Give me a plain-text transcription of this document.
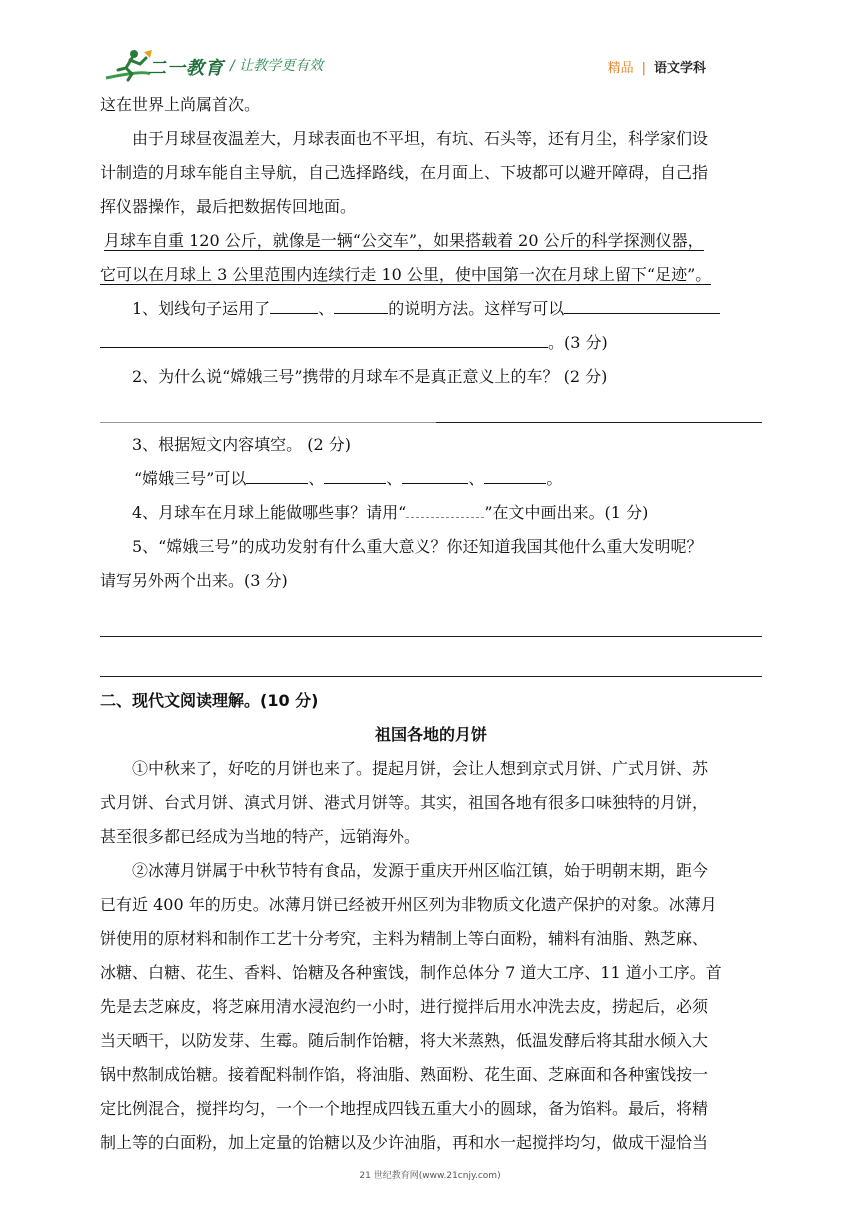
二一教育 / 让教学更有效	精品 | 语文学科
这在世界上尚属首次。
由于月球昼夜温差大，月球表面也不平坦，有坑、石头等，还有月尘，科学家们设
计制造的月球车能自主导航，自己选择路线，在月面上、下坡都可以避开障碍，自己指
挥仪器操作，最后把数据传回地面。
月球车自重 120 公斤，就像是一辆“公交车”，如果搭载着 20 公斤的科学探测仪器，
它可以在月球上 3 公里范围内连续行走 10 公里，使中国第一次在月球上留下“足迹”。
1、划线句子运用了	、	的说明方法。这样写可以
。(3 分)
2、为什么说“嫦娥三号”携带的月球车不是真正意义上的车？ (2 分)
3、根据短文内容填空。 (2 分)
“嫦娥三号”可以	、	、	、	。
4、月球车在月球上能做哪些事？请用“	”在文中画出来。(1 分)
5、“嫦娥三号”的成功发射有什么重大意义？你还知道我国其他什么重大发明呢？
请写另外两个出来。(3 分)
二、现代文阅读理解。(10 分)
祖国各地的月饼
①中秋来了，好吃的月饼也来了。提起月饼，会让人想到京式月饼、广式月饼、苏
式月饼、台式月饼、滇式月饼、港式月饼等。其实，祖国各地有很多口味独特的月饼，
甚至很多都已经成为当地的特产，远销海外。
②冰薄月饼属于中秋节特有食品，发源于重庆开州区临江镇，始于明朝末期，距今
已有近 400 年的历史。冰薄月饼已经被开州区列为非物质文化遗产保护的对象。冰薄月
饼使用的原材料和制作工艺十分考究，主料为精制上等白面粉，辅料有油脂、熟芝麻、
冰糖、白糖、花生、香料、饴糖及各种蜜饯，制作总体分 7 道大工序、11 道小工序。首
先是去芝麻皮，将芝麻用清水浸泡约一小时，进行搅拌后用水冲洗去皮，捞起后，必须
当天晒干，以防发芽、生霉。随后制作饴糖，将大米蒸熟，低温发酵后将其甜水倾入大
锅中熬制成饴糖。接着配料制作馅，将油脂、熟面粉、花生面、芝麻面和各种蜜饯按一
定比例混合，搅拌均匀，一个一个地捏成四钱五重大小的圆球，备为馅料。最后，将精
制上等的白面粉，加上定量的饴糖以及少许油脂，再和水一起搅拌均匀，做成干湿恰当
21 世纪教育网(www.21cnjy.com)
